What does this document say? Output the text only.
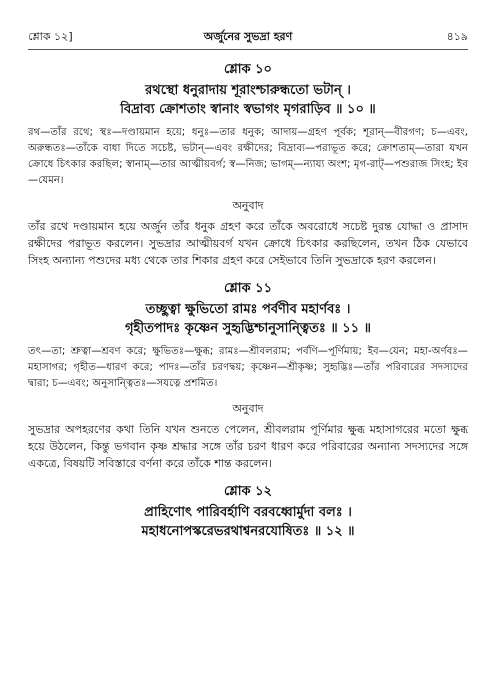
শ্লোক ১২]	অর্জুনের সুভদ্রা হরণ	৪১৯
শ্লোক ১০
রথস্থো ধনুরাদায় শূরাংশ্চারুন্ধতো ভটান্ ।
বিদ্রাব্য ক্রোশতাং স্বানাং স্বভাগং মৃগরাড়িব ॥ ১০ ॥
রথ—তাঁর রথে; স্থঃ—দণ্ডায়মান হয়ে; ধনুঃ—তার ধনুক; আদায়—গ্রহণ পূর্বক; শূরান্—বীরগণ; চ—এবং, অরুন্ধতঃ—তাঁকে বাধা দিতে সচেষ্ট, ভটান্—এবং রক্ষীদের; বিদ্রাব্য—পরাভূত করে; ক্রোশতাম্—তারা যখন ক্রোধে চিৎকার করছিল; স্বানাম্—তার আত্মীয়বর্গ; স্ব—নিজ; ভাগম্—ন্যায্য অংশ; মৃগ-রাট্—পশুরাজ সিংহ; ইব—যেমন।
অনুবাদ
তাঁর রথে দণ্ডায়মান হয়ে অর্জুন তাঁর ধনুক গ্রহণ করে তাঁকে অবরোধে সচেষ্ট দুরন্ত যোদ্ধা ও প্রাসাদ রক্ষীদের পরাভূত করলেন। সুভদ্রার আত্মীয়বর্গ যখন ক্রোধে চিৎকার করছিলেন, তখন ঠিক যেভাবে সিংহ অন্যান্য পশুদের মধ্য থেকে তার শিকার গ্রহণ করে সেইভাবে তিনি সুভদ্রাকে হরণ করলেন।
শ্লোক ১১
তচ্ছুত্বা ক্ষুভিতো রামঃ পর্বণীব মহার্ণবঃ ।
গৃহীতপাদঃ কৃষ্ণেন সুহৃদ্ভিশ্চানুসান্ত্বিতঃ ॥ ১১ ॥
তৎ—তা; শ্রুত্বা—শ্রবণ করে; ক্ষুভিতঃ—ক্ষুব্ধ; রামঃ—শ্রীবলরাম; পর্বণি—পূর্ণিমায়; ইব—যেন; মহা-অর্ণবঃ—মহাসাগর; গৃহীত—ধারণ করে; পাদঃ—তাঁর চরণদ্বয়; কৃষ্ণেন—শ্রীকৃষ্ণ; সুহৃদ্ভিঃ—তাঁর পরিবারের সদস্যদের দ্বারা; চ—এবং; অনুসান্ত্বিতঃ—সযত্নে প্রশমিত।
অনুবাদ
সুভদ্রার অপহরণের কথা তিনি যখন শুনতে পেলেন, শ্রীবলরাম পূর্ণিমার ক্ষুব্ধ মহাসাগরের মতো ক্ষুব্ধ হয়ে উঠলেন, কিন্তু ভগবান কৃষ্ণ শ্রদ্ধার সঙ্গে তাঁর চরণ ধারণ করে পরিবারের অন্যান্য সদস্যদের সঙ্গে একত্রে, বিষয়টি সবিস্তারে বর্ণনা করে তাঁকে শান্ত করলেন।
শ্লোক ১২
প্রাহিণোৎ পারিবর্হাণি বরবধ্বোর্মুদা বলঃ ।
মহাধনোপস্করেভরথাশ্বনরযোষিতঃ ॥ ১২ ॥
